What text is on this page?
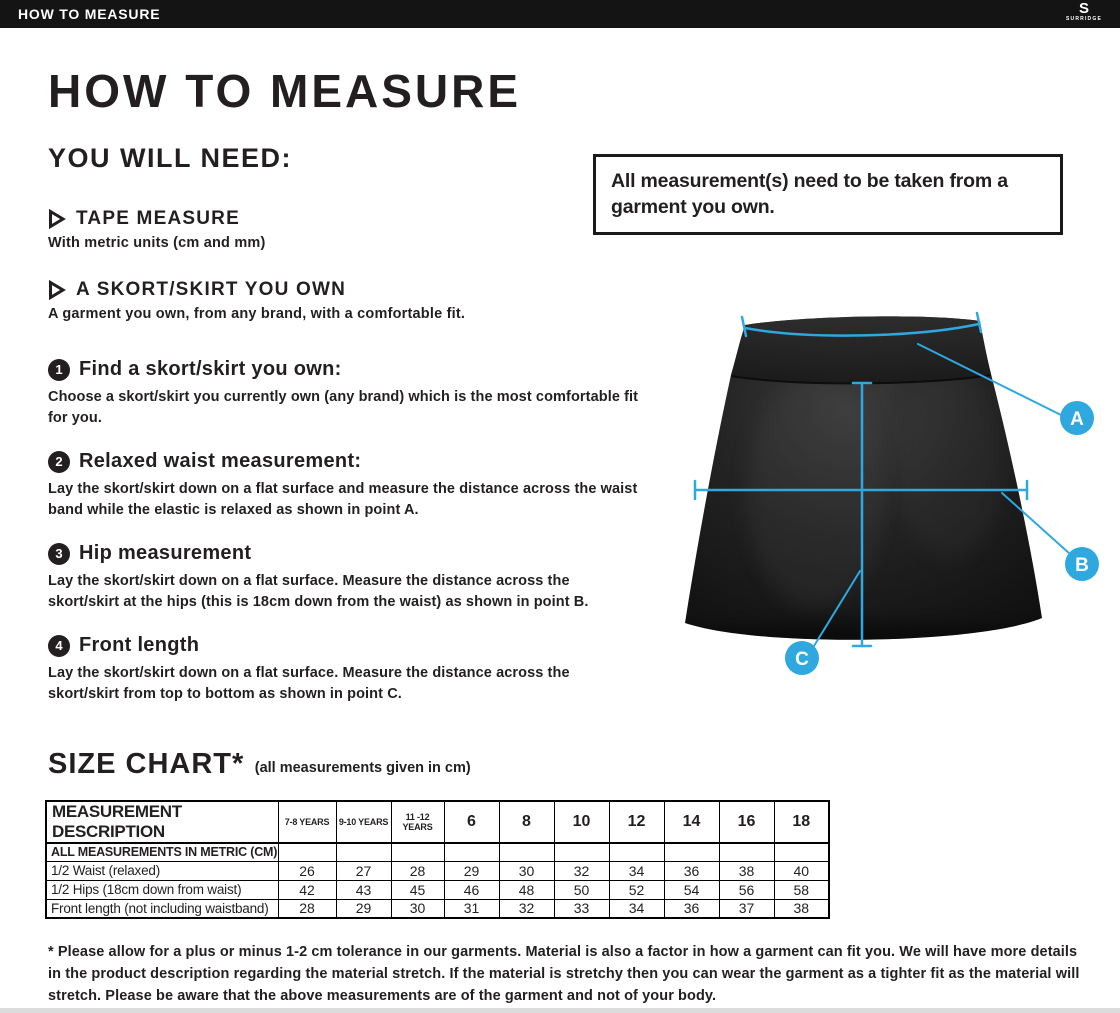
HOW TO MEASURE	S
SURRIDGE
HOW TO MEASURE
YOU WILL NEED:
TAPE MEASURE
With metric units (cm and mm)
A SKORT/SKIRT YOU OWN
A garment you own, from any brand, with a comfortable fit.
All measurement(s) need to be taken from a garment you own.
1 Find a skort/skirt you own:
Choose a skort/skirt you currently own (any brand) which is the most comfortable fit for you.
2 Relaxed waist measurement:
Lay the skort/skirt down on a flat surface and measure the distance across the waist band while the elastic is relaxed as shown in point A.
3 Hip measurement
Lay the skort/skirt down on a flat surface. Measure the distance across the skort/skirt at the hips (this is 18cm down from the waist) as shown in point B.
4 Front length
Lay the skort/skirt down on a flat surface. Measure the distance across the skort/skirt from top to bottom as shown in point C.
A
B
C
SIZE CHART* (all measurements given in cm)
MEASUREMENT DESCRIPTION	7-8 YEARS	9-10 YEARS	11 -12 YEARS	6	8	10	12	14	16	18
ALL MEASUREMENTS IN METRIC (CM)										
1/2 Waist (relaxed)	26	27	28	29	30	32	34	36	38	40
1/2 Hips (18cm down from waist)	42	43	45	46	48	50	52	54	56	58
Front length (not including waistband)	28	29	30	31	32	33	34	36	37	38
* Please allow for a plus or minus 1-2 cm tolerance in our garments. Material is also a factor in how a garment can fit you. We will have more details in the product description regarding the material stretch. If the material is stretchy then you can wear the garment as a tighter fit as the material will stretch. Please be aware that the above measurements are of the garment and not of your body.
